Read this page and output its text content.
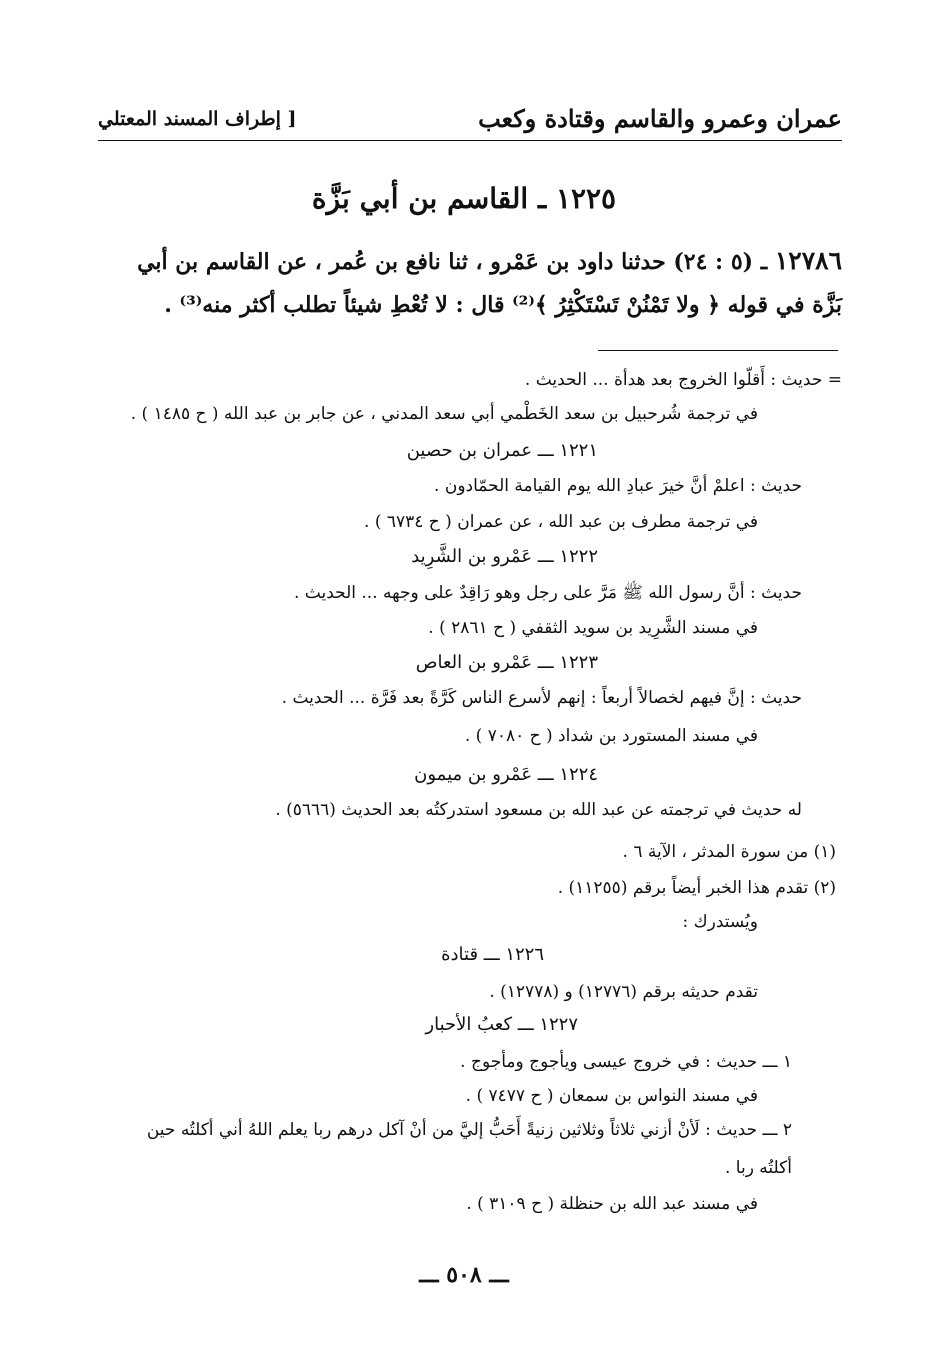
عمران وعمرو والقاسم وقتادة وكعب
[ إطراف المسند المعتلي
١٢٢٥ ـ القاسم بن أبي بَزَّة
١٢٧٨٦ ـ (٥ : ٢٤) حدثنا داود بن عَمْرو ، ثنا نافع بن عُمر ، عن القاسم بن أبي
بَزَّة في قوله ﴿ ولا تَمْنُنْ تَسْتَكْثِرُ ﴾⁽²⁾ قال : لا تُعْطِ شيئاً تطلب أكثر منه⁽³⁾ .
= حديث : أَقلّوا الخروج بعد هدأة ... الحديث .
في ترجمة شُرحبيل بن سعد الخَطْمي أبي سعد المدني ، عن جابر بن عبد الله ( ح ١٤٨٥ ) .
١٢٢١ ـــ عمران بن حصين
حديث : اعلمْ أنَّ خيرَ عبادِ الله يوم القيامة الحمّادون .
في ترجمة مطرف بن عبد الله ، عن عمران ( ح ٦٧٣٤ ) .
١٢٢٢ ـــ عَمْرو بن الشَّرِيد
حديث : أنَّ رسول الله ﷺ مَرَّ على رجل وهو رَاقِدٌ على وجهه ... الحديث .
في مسند الشَّرِيد بن سويد الثقفي ( ح ٢٨٦١ ) .
١٢٢٣ ـــ عَمْرو بن العاص
حديث : إنَّ فيهم لخصالاً أربعاً : إنهم لأسرع الناس كَرَّةً بعد فَرَّة ... الحديث .
في مسند المستورد بن شداد ( ح ٧٠٨٠ ) .
١٢٢٤ ـــ عَمْرو بن ميمون
له حديث في ترجمته عن عبد الله بن مسعود استدركتُه بعد الحديث (٥٦٦٦) .
(١) من سورة المدثر ، الآية ٦ .
(٢) تقدم هذا الخبر أيضاً برقم (١١٢٥٥) .
ويُستدرك :
١٢٢٦ ـــ قتادة
تقدم حديثه برقم (١٢٧٧٦) و (١٢٧٧٨) .
١٢٢٧ ـــ كعبُ الأحبار
١ ـــ حديث : في خروج عيسى ويأجوج ومأجوج .
في مسند النواس بن سمعان ( ح ٧٤٧٧ ) .
٢ ـــ حديث : لَأنْ أزني ثلاثاً وثلاثين زنيةً أَحَبُّ إليَّ من أنْ آكل درهم ربا يعلم اللهُ أني أكلتُه حين
أكلتُه ربا .
في مسند عبد الله بن حنظلة ( ح ٣١٠٩ ) .
ـــ ٥٠٨ ـــ
